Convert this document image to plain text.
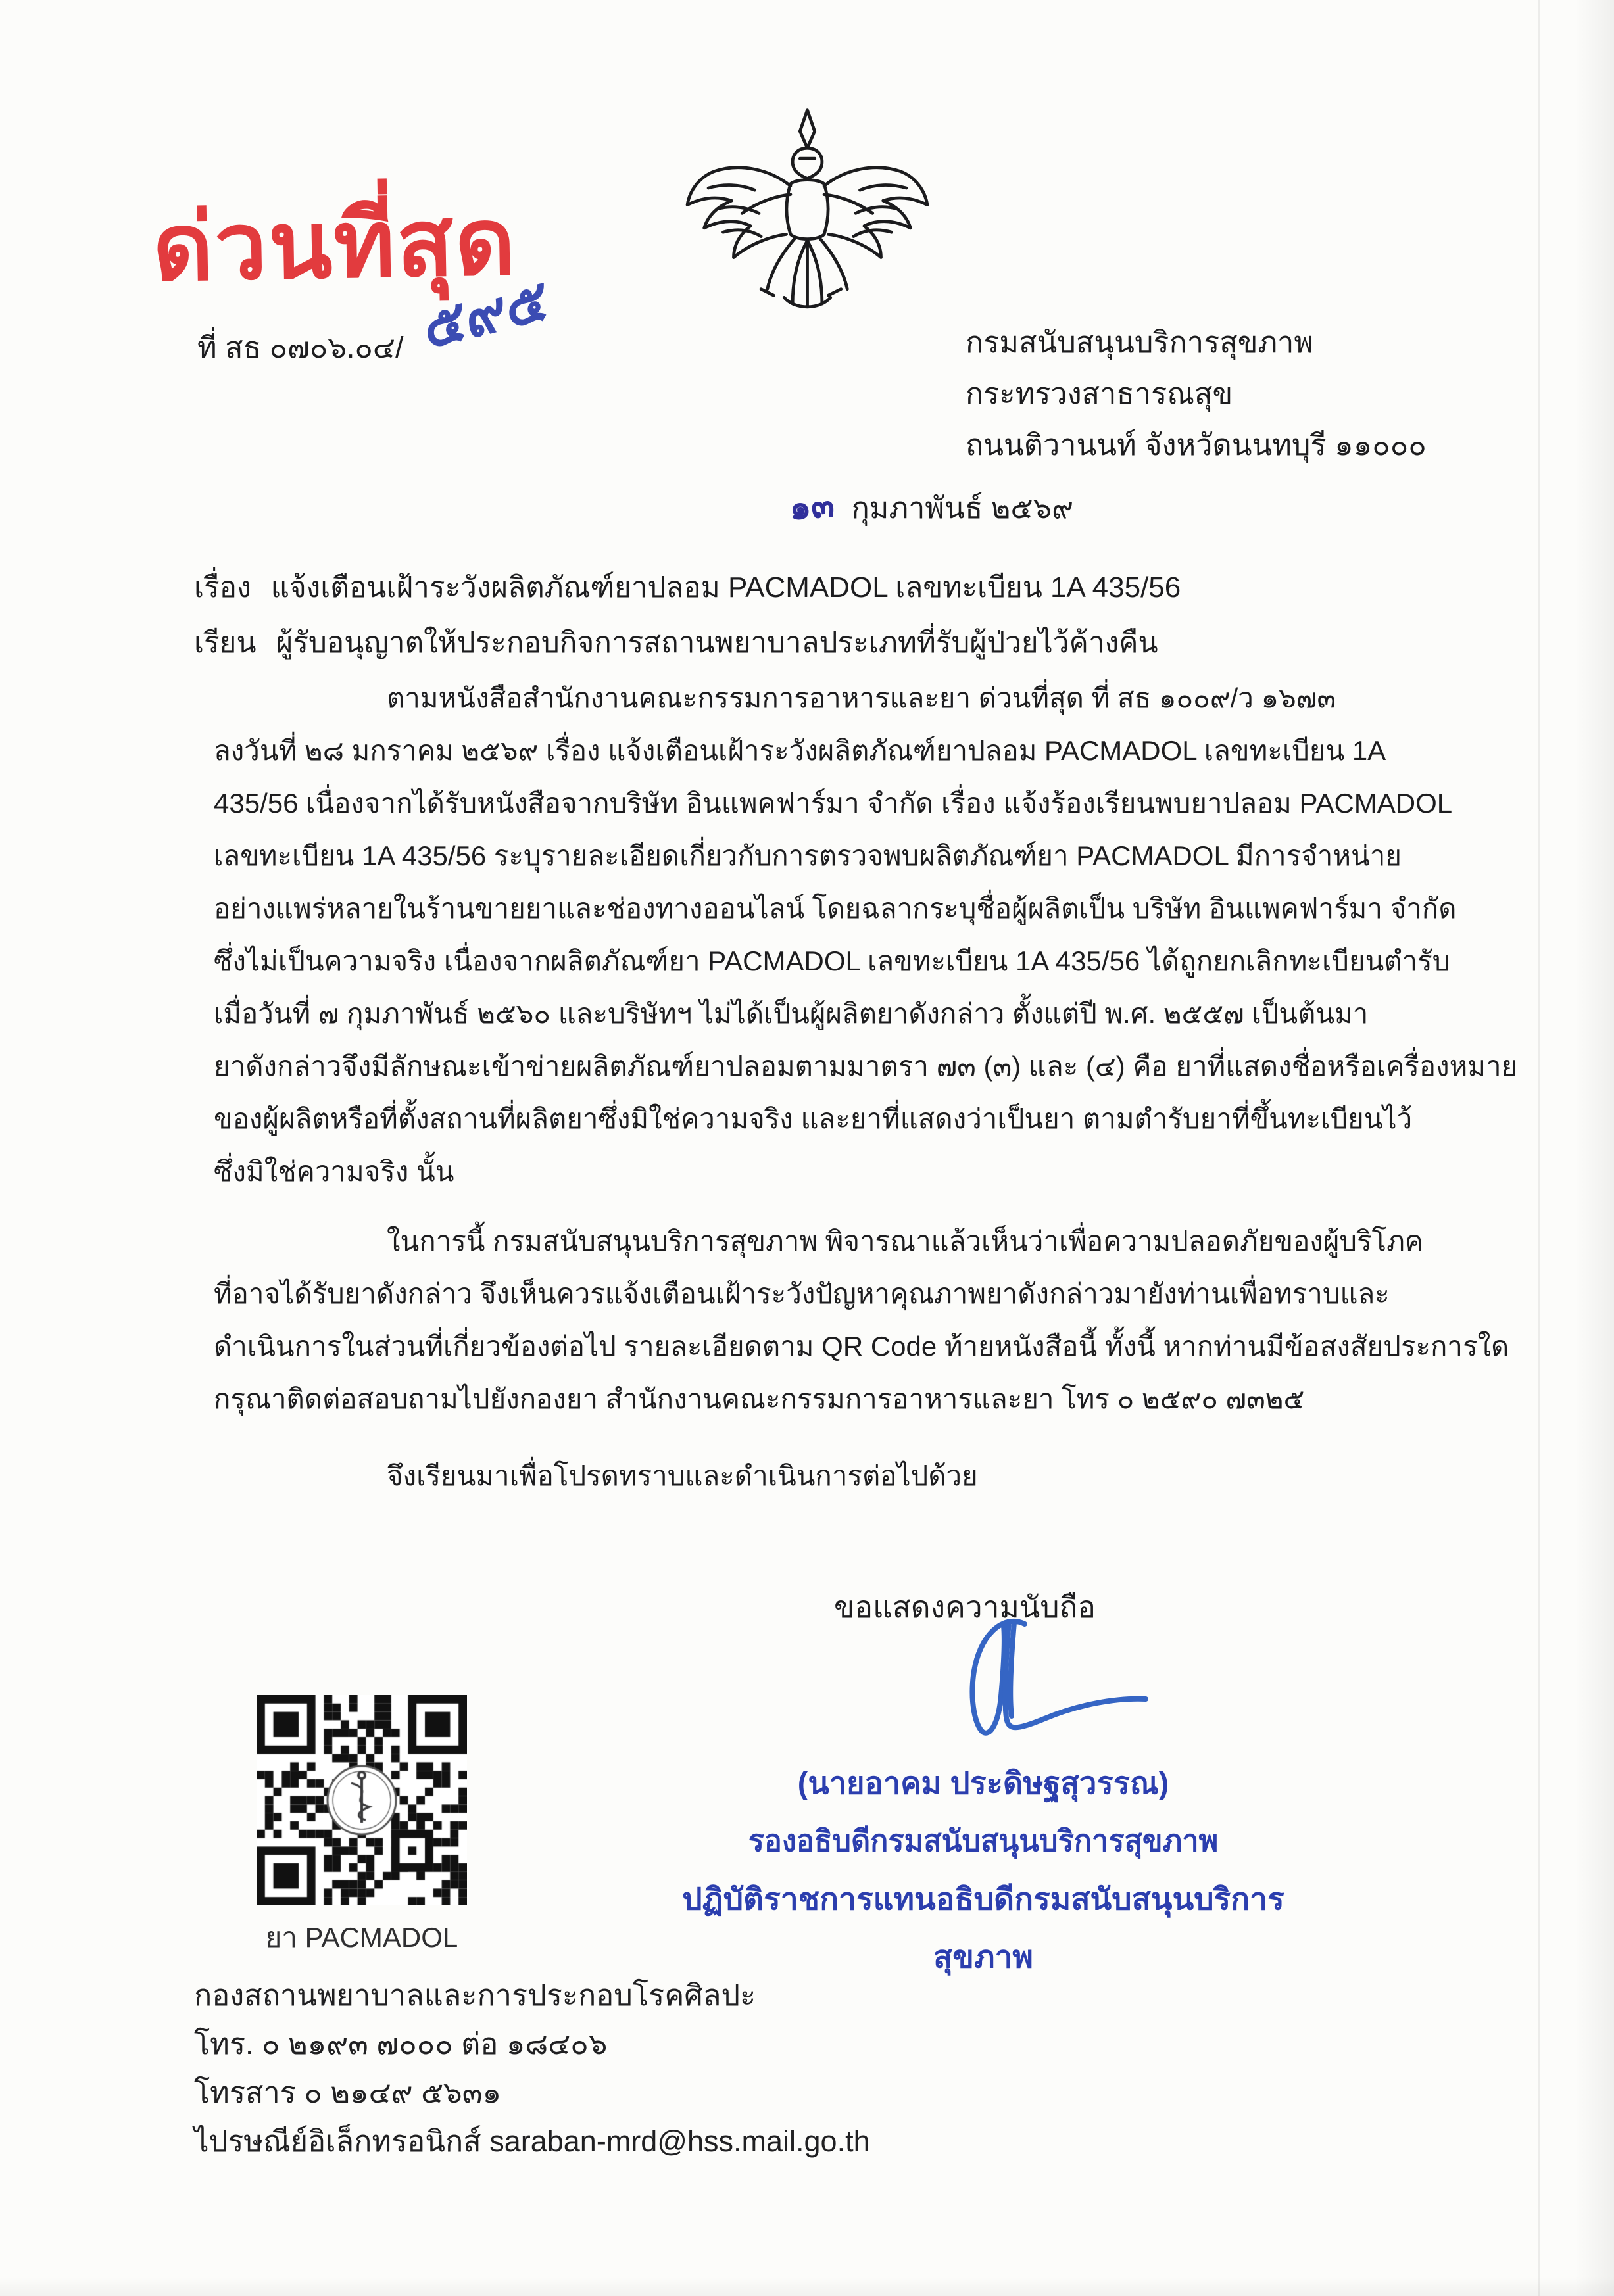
ด่วนที่สุด
ที่ สธ ๐๗๐๖.๐๔/ ๕๙๕	กรมสนับสนุนบริการสุขภาพ
กระทรวงสาธารณสุข
ถนนติวานนท์ จังหวัดนนทบุรี ๑๑๐๐๐
๑๓ กุมภาพันธ์ ๒๕๖๙
เรื่อง แจ้งเตือนเฝ้าระวังผลิตภัณฑ์ยาปลอม PACMADOL เลขทะเบียน 1A 435/56
เรียน ผู้รับอนุญาตให้ประกอบกิจการสถานพยาบาลประเภทที่รับผู้ป่วยไว้ค้างคืน
ตามหนังสือสำนักงานคณะกรรมการอาหารและยา ด่วนที่สุด ที่ สธ ๑๐๐๙/ว ๑๖๗๓
ลงวันที่ ๒๘ มกราคม ๒๕๖๙ เรื่อง แจ้งเตือนเฝ้าระวังผลิตภัณฑ์ยาปลอม PACMADOL เลขทะเบียน 1A
435/56 เนื่องจากได้รับหนังสือจากบริษัท อินแพคฟาร์มา จำกัด เรื่อง แจ้งร้องเรียนพบยาปลอม PACMADOL
เลขทะเบียน 1A 435/56 ระบุรายละเอียดเกี่ยวกับการตรวจพบผลิตภัณฑ์ยา PACMADOL มีการจำหน่าย
อย่างแพร่หลายในร้านขายยาและช่องทางออนไลน์ โดยฉลากระบุชื่อผู้ผลิตเป็น บริษัท อินแพคฟาร์มา จำกัด
ซึ่งไม่เป็นความจริง เนื่องจากผลิตภัณฑ์ยา PACMADOL เลขทะเบียน 1A 435/56 ได้ถูกยกเลิกทะเบียนตำรับ
เมื่อวันที่ ๗ กุมภาพันธ์ ๒๕๖๐ และบริษัทฯ ไม่ได้เป็นผู้ผลิตยาดังกล่าว ตั้งแต่ปี พ.ศ. ๒๕๕๗ เป็นต้นมา
ยาดังกล่าวจึงมีลักษณะเข้าข่ายผลิตภัณฑ์ยาปลอมตามมาตรา ๗๓ (๓) และ (๔) คือ ยาที่แสดงชื่อหรือเครื่องหมาย
ของผู้ผลิตหรือที่ตั้งสถานที่ผลิตยาซึ่งมิใช่ความจริง และยาที่แสดงว่าเป็นยา ตามตำรับยาที่ขึ้นทะเบียนไว้
ซึ่งมิใช่ความจริง นั้น
ในการนี้ กรมสนับสนุนบริการสุขภาพ พิจารณาแล้วเห็นว่าเพื่อความปลอดภัยของผู้บริโภค
ที่อาจได้รับยาดังกล่าว จึงเห็นควรแจ้งเตือนเฝ้าระวังปัญหาคุณภาพยาดังกล่าวมายังท่านเพื่อทราบและ
ดำเนินการในส่วนที่เกี่ยวข้องต่อไป รายละเอียดตาม QR Code ท้ายหนังสือนี้ ทั้งนี้ หากท่านมีข้อสงสัยประการใด
กรุณาติดต่อสอบถามไปยังกองยา สำนักงานคณะกรรมการอาหารและยา โทร ๐ ๒๕๙๐ ๗๓๒๕
จึงเรียนมาเพื่อโปรดทราบและดำเนินการต่อไปด้วย
ขอแสดงความนับถือ
(นายอาคม ประดิษฐสุวรรณ)
รองอธิบดีกรมสนับสนุนบริการสุขภาพ
ปฏิบัติราชการแทนอธิบดีกรมสนับสนุนบริการสุขภาพ
ยา PACMADOL
กองสถานพยาบาลและการประกอบโรคศิลปะ
โทร. ๐ ๒๑๙๓ ๗๐๐๐ ต่อ ๑๘๔๐๖
โทรสาร ๐ ๒๑๔๙ ๕๖๓๑
ไปรษณีย์อิเล็กทรอนิกส์ saraban-mrd@hss.mail.go.th
